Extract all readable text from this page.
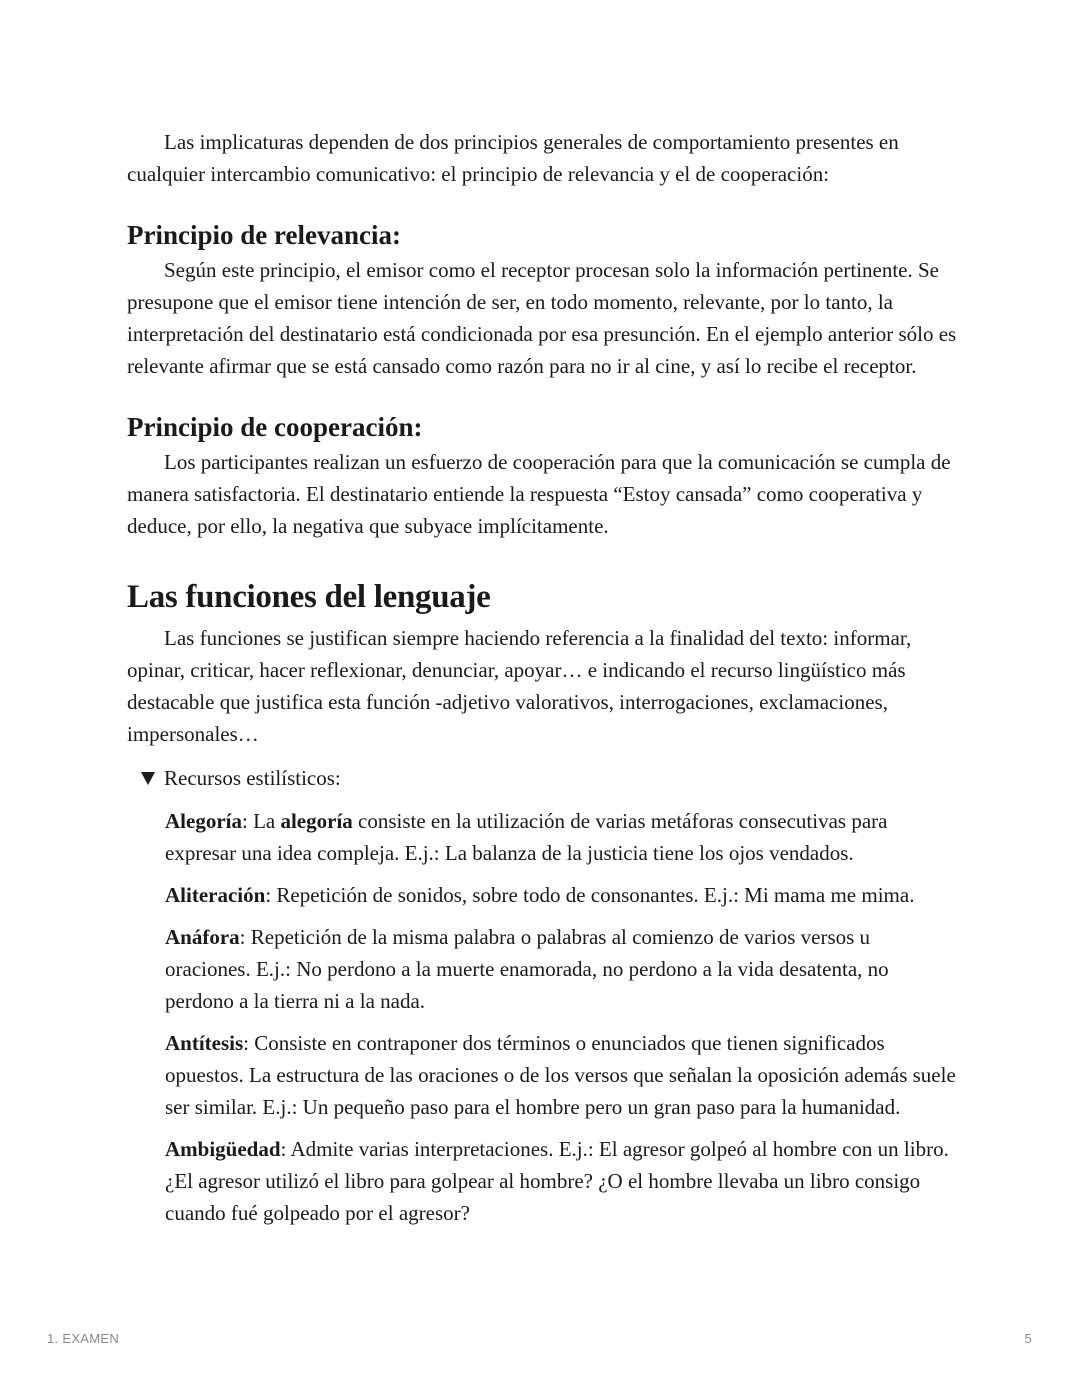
Las implicaturas dependen de dos principios generales de comportamiento presentes en cualquier intercambio comunicativo: el principio de relevancia y el de cooperación:

Principio de relevancia:

Según este principio, el emisor como el receptor procesan solo la información pertinente. Se presupone que el emisor tiene intención de ser, en todo momento, relevante, por lo tanto, la interpretación del destinatario está condicionada por esa presunción. En el ejemplo anterior sólo es relevante afirmar que se está cansado como razón para no ir al cine, y así lo recibe el receptor.

Principio de cooperación:

Los participantes realizan un esfuerzo de cooperación para que la comunicación se cumpla de manera satisfactoria. El destinatario entiende la respuesta “Estoy cansada” como cooperativa y deduce, por ello, la negativa que subyace implícitamente.

Las funciones del lenguaje

Las funciones se justifican siempre haciendo referencia a la finalidad del texto: informar, opinar, criticar, hacer reflexionar, denunciar, apoyar… e indicando el recurso lingüístico más destacable que justifica esta función -adjetivo valorativos, interrogaciones, exclamaciones, impersonales…

Recursos estilísticos:

Alegoría: La alegoría consiste en la utilización de varias metáforas consecutivas para expresar una idea compleja. E.j.: La balanza de la justicia tiene los ojos vendados.

Aliteración: Repetición de sonidos, sobre todo de consonantes. E.j.: Mi mama me mima.

Anáfora: Repetición de la misma palabra o palabras al comienzo de varios versos u oraciones. E.j.: No perdono a la muerte enamorada, no perdono a la vida desatenta, no perdono a la tierra ni a la nada.

Antítesis: Consiste en contraponer dos términos o enunciados que tienen significados opuestos. La estructura de las oraciones o de los versos que señalan la oposición además suele ser similar. E.j.: Un pequeño paso para el hombre pero un gran paso para la humanidad.

Ambigüedad: Admite varias interpretaciones. E.j.: El agresor golpeó al hombre con un libro. ¿El agresor utilizó el libro para golpear al hombre? ¿O el hombre llevaba un libro consigo cuando fué golpeado por el agresor?

1. EXAMEN	5
